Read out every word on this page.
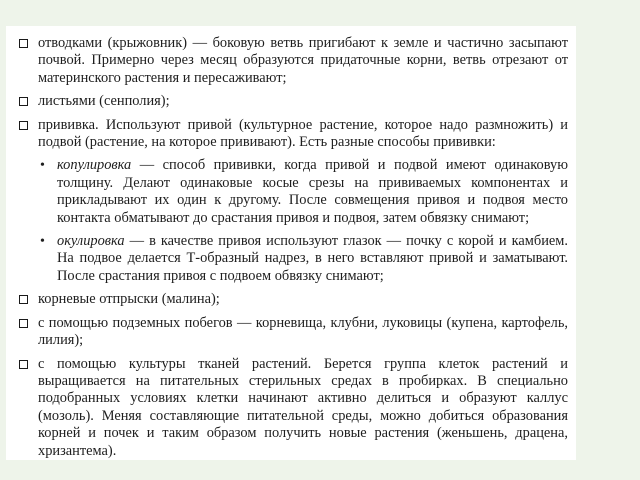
отводками (крыжовник) — боковую ветвь пригибают к земле и частично засыпают почвой. Примерно через месяц образуются придаточные корни, ветвь отрезают от материнского растения и пересаживают;
листьями (сенполия);
прививка. Используют привой (культурное растение, которое надо размножить) и подвой (растение, на которое прививают). Есть разные способы прививки:
• копулировка — способ прививки, когда привой и подвой имеют одинаковую толщину. Делают одинаковые косые срезы на прививаемых компонентах и прикладывают их один к другому. После совмещения привоя и подвоя место контакта обматывают до срастания привоя и подвоя, затем обвязку снимают;
• окулировка — в качестве привоя используют глазок — почку с корой и камбием. На подвое делается Т-образный надрез, в него вставляют привой и заматывают. После срастания привоя с подвоем обвязку снимают;
корневые отпрыски (малина);
с помощью подземных побегов — корневища, клубни, луковицы (купена, картофель, лилия);
с помощью культуры тканей растений. Берется группа клеток растений и выращивается на питательных стерильных средах в пробирках. В специально подобранных условиях клетки начинают активно делиться и образуют каллус (мозоль). Меняя составляющие питательной среды, можно добиться образования корней и почек и таким образом получить новые растения (женьшень, драцена, хризантема).
